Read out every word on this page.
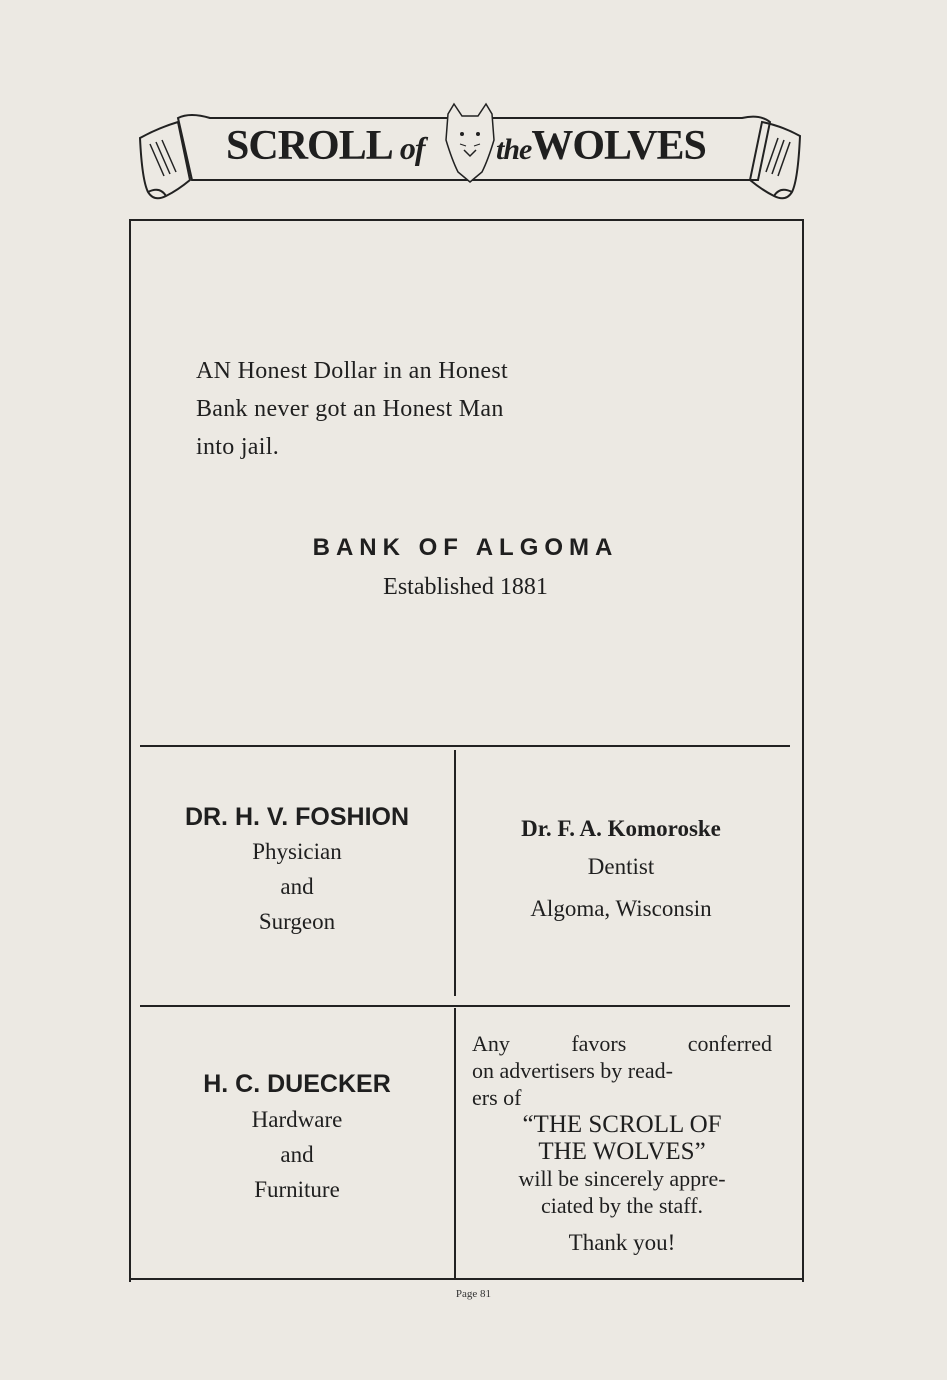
SCROLL of theWOLVES
AN Honest Dollar in an Honest
Bank never got an Honest Man
into jail.
BANK OF ALGOMA
Established 1881
DR. H. V. FOSHION
Physician
and
Surgeon
Dr. F. A. Komoroske
Dentist
Algoma, Wisconsin
H. C. DUECKER
Hardware
and
Furniture
Any favors conferred
on advertisers by read-
ers of
“THE SCROLL OF
THE WOLVES”
will be sincerely appre-
ciated by the staff.
Thank you!
Page 81
